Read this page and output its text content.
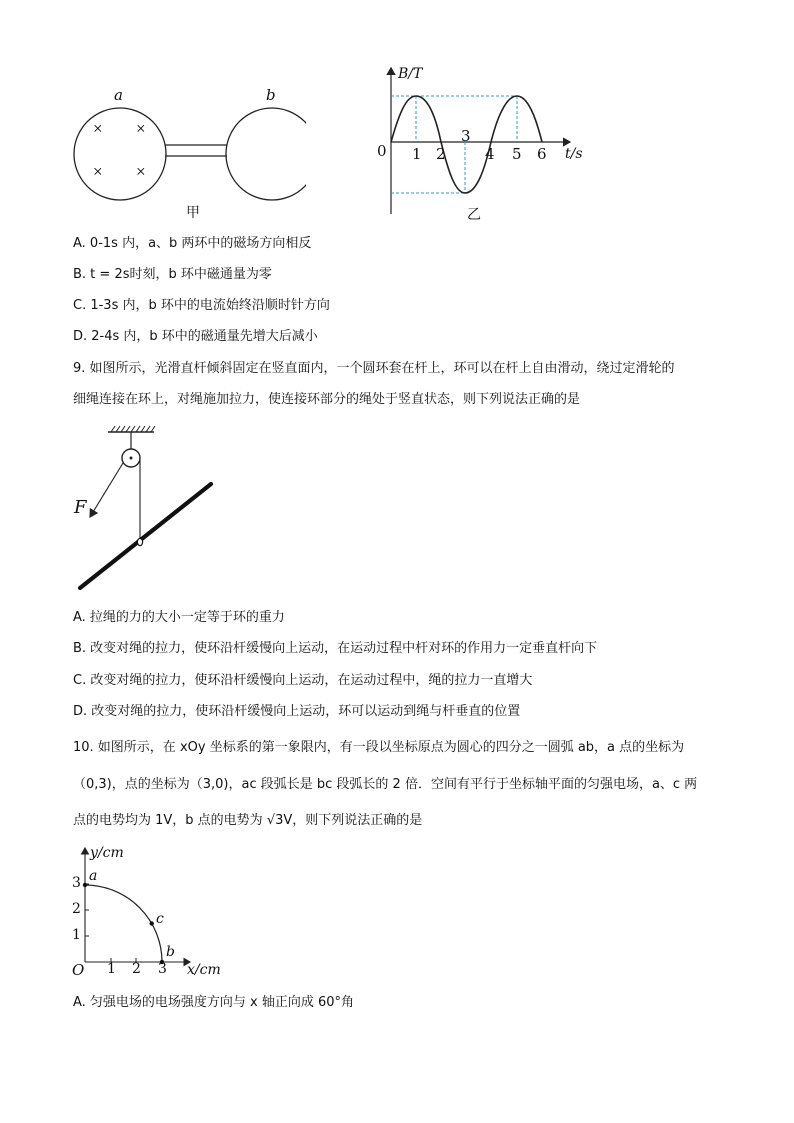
× ×
× ×
a	b
甲
B/T
0 1 2
3
4 5 6 t/s
乙
A. 0-1s 内，a、b 两环中的磁场方向相反
B. t = 2s时刻，b 环中磁通量为零
C. 1-3s 内，b 环中的电流始终沿顺时针方向
D. 2-4s 内，b 环中的磁通量先增大后减小
9. 如图所示，光滑直杆倾斜固定在竖直面内，一个圆环套在杆上，环可以在杆上自由滑动，绕过定滑轮的
细绳连接在环上，对绳施加拉力，使连接环部分的绳处于竖直状态，则下列说法正确的是
F
A. 拉绳的力的大小一定等于环的重力
B. 改变对绳的拉力，使环沿杆缓慢向上运动，在运动过程中杆对环的作用力一定垂直杆向下
C. 改变对绳的拉力，使环沿杆缓慢向上运动，在运动过程中，绳的拉力一直增大
D. 改变对绳的拉力，使环沿杆缓慢向上运动，环可以运动到绳与杆垂直的位置
10. 如图所示，在 xOy 坐标系的第一象限内，有一段以坐标原点为圆心的四分之一圆弧 ab，a 点的坐标为
（0,3)，点的坐标为（3,0)，ac 段弧长是 bc 段弧长的 2 倍．空间有平行于坐标轴平面的匀强电场，a、c 两
点的电势均为 1V，b 点的电势为 √3V，则下列说法正确的是
y/cm
x/cm
O 1 2 3
1
2
3 a
c
b
A. 匀强电场的电场强度方向与 x 轴正向成 60°角
